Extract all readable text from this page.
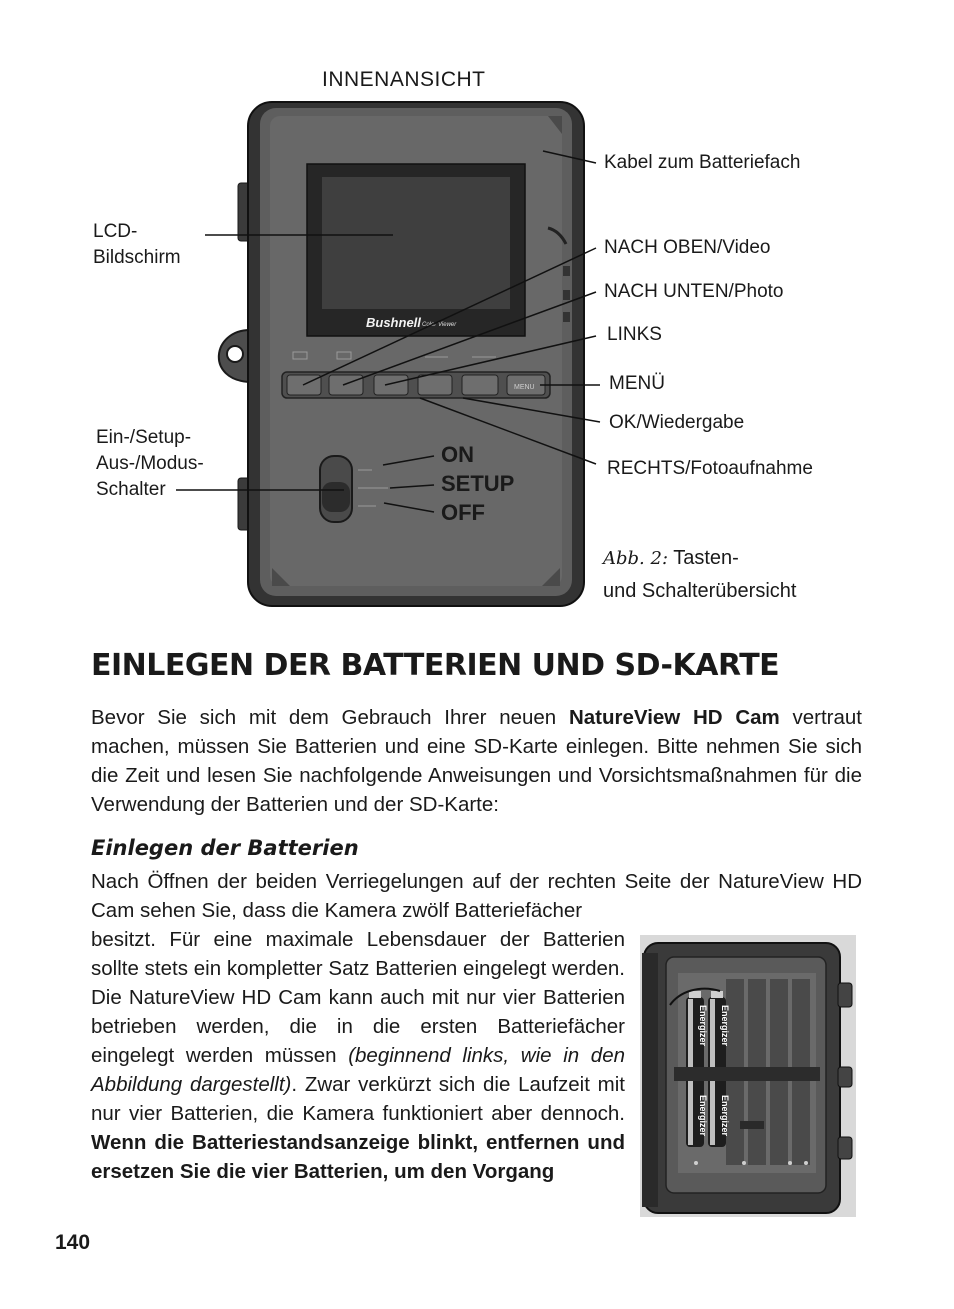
INNENANSICHT
Bushnell Color Viewer
MENU
LCD-
Bildschirm
Ein-/Setup-
Aus-/Modus-
Schalter
Kabel zum Batteriefach
NACH OBEN/Video
NACH UNTEN/Photo
LINKS
MENÜ
OK/Wiedergabe
RECHTS/Fotoaufnahme
ON
SETUP
OFF
Abb. 2: Tasten-
und Schalterübersicht
EINLEGEN DER BATTERIEN UND SD-KARTE
Bevor Sie sich mit dem Gebrauch Ihrer neuen NatureView HD Cam vertraut machen, müssen Sie Batterien und eine SD-Karte einlegen. Bitte nehmen Sie sich die Zeit und lesen Sie nachfolgende Anweisungen und Vorsichtsmaßnahmen für die Verwendung der Batterien und der SD-Karte:
Einlegen der Batterien
Nach Öffnen der beiden Verriegelungen auf der rechten Seite der NatureView HD Cam sehen Sie, dass die Kamera zwölf Batteriefächer
besitzt. Für eine maximale Lebensdauer der Batterien sollte stets ein kompletter Satz Batterien eingelegt werden. Die NatureView HD Cam kann auch mit nur vier Batterien betrieben werden, die in die ersten Batteriefächer eingelegt werden müssen (beginnend links, wie in den Abbildung dargestellt). Zwar verkürzt sich die Laufzeit mit nur vier Batterien, die Kamera funktioniert aber dennoch. Wenn die Batteriestandsanzeige blinkt, entfernen und ersetzen Sie die vier Batterien, um den Vorgang
Energizer Energizer
Energizer Energizer
140
